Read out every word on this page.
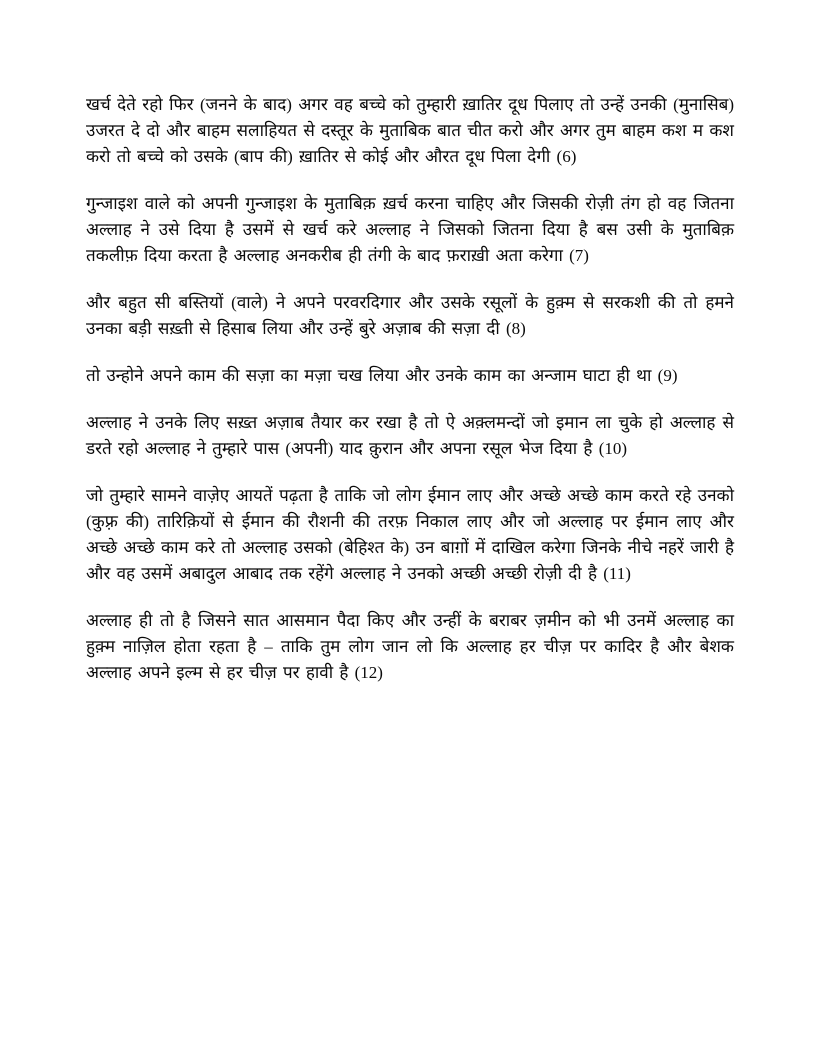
खर्च देते रहो फिर (जनने के बाद) अगर वह बच्चे को तुम्हारी ख़ातिर दूध पिलाए तो उन्हें उनकी (मुनासिब) उजरत दे दो और बाहम सलाहियत से दस्तूर के मुताबिक बात चीत करो और अगर तुम बाहम कश म कश करो तो बच्चे को उसके (बाप की) ख़ातिर से कोई और औरत दूध पिला देगी (6)

गुन्जाइश वाले को अपनी गुन्जाइश के मुताबिक़ ख़र्च करना चाहिए और जिसकी रोज़ी तंग हो वह जितना अल्लाह ने उसे दिया है उसमें से खर्च करे अल्लाह ने जिसको जितना दिया है बस उसी के मुताबिक़ तकलीफ़ दिया करता है अल्लाह अनकरीब ही तंगी के बाद फ़राख़ी अता करेगा (7)

और बहुत सी बस्तियों (वाले) ने अपने परवरदिगार और उसके रसूलों के हुक़्म से सरकशी की तो हमने उनका बड़ी सख़्ती से हिसाब लिया और उन्हें बुरे अज़ाब की सज़ा दी (8)

तो उन्होने अपने काम की सज़ा का मज़ा चख लिया और उनके काम का अन्जाम घाटा ही था (9)

अल्लाह ने उनके लिए सख़्त अज़ाब तैयार कर रखा है तो ऐ अक़्लमन्दों जो इमान ला चुके हो अल्लाह से डरते रहो अल्लाह ने तुम्हारे पास (अपनी) याद क़ुरान और अपना रसूल भेज दिया है (10)

जो तुम्हारे सामने वाज़ेए आयतें पढ़ता है ताकि जो लोग ईमान लाए और अच्छे अच्छे काम करते रहे उनको (कुफ़्र की) तारिक़ियों से ईमान की रौशनी की तरफ़ निकाल लाए और जो अल्लाह पर ईमान लाए और अच्छे अच्छे काम करे तो अल्लाह उसको (बेहिश्त के) उन बाग़ों में दाखिल करेगा जिनके नीचे नहरें जारी है और वह उसमें अबादुल आबाद तक रहेंगे अल्लाह ने उनको अच्छी अच्छी रोज़ी दी है (11)

अल्लाह ही तो है जिसने सात आसमान पैदा किए और उन्हीं के बराबर ज़मीन को भी उनमें अल्लाह का हुक़्म नाज़िल होता रहता है – ताकि तुम लोग जान लो कि अल्लाह हर चीज़ पर कादिर है और बेशक अल्लाह अपने इल्म से हर चीज़ पर हावी है (12)
